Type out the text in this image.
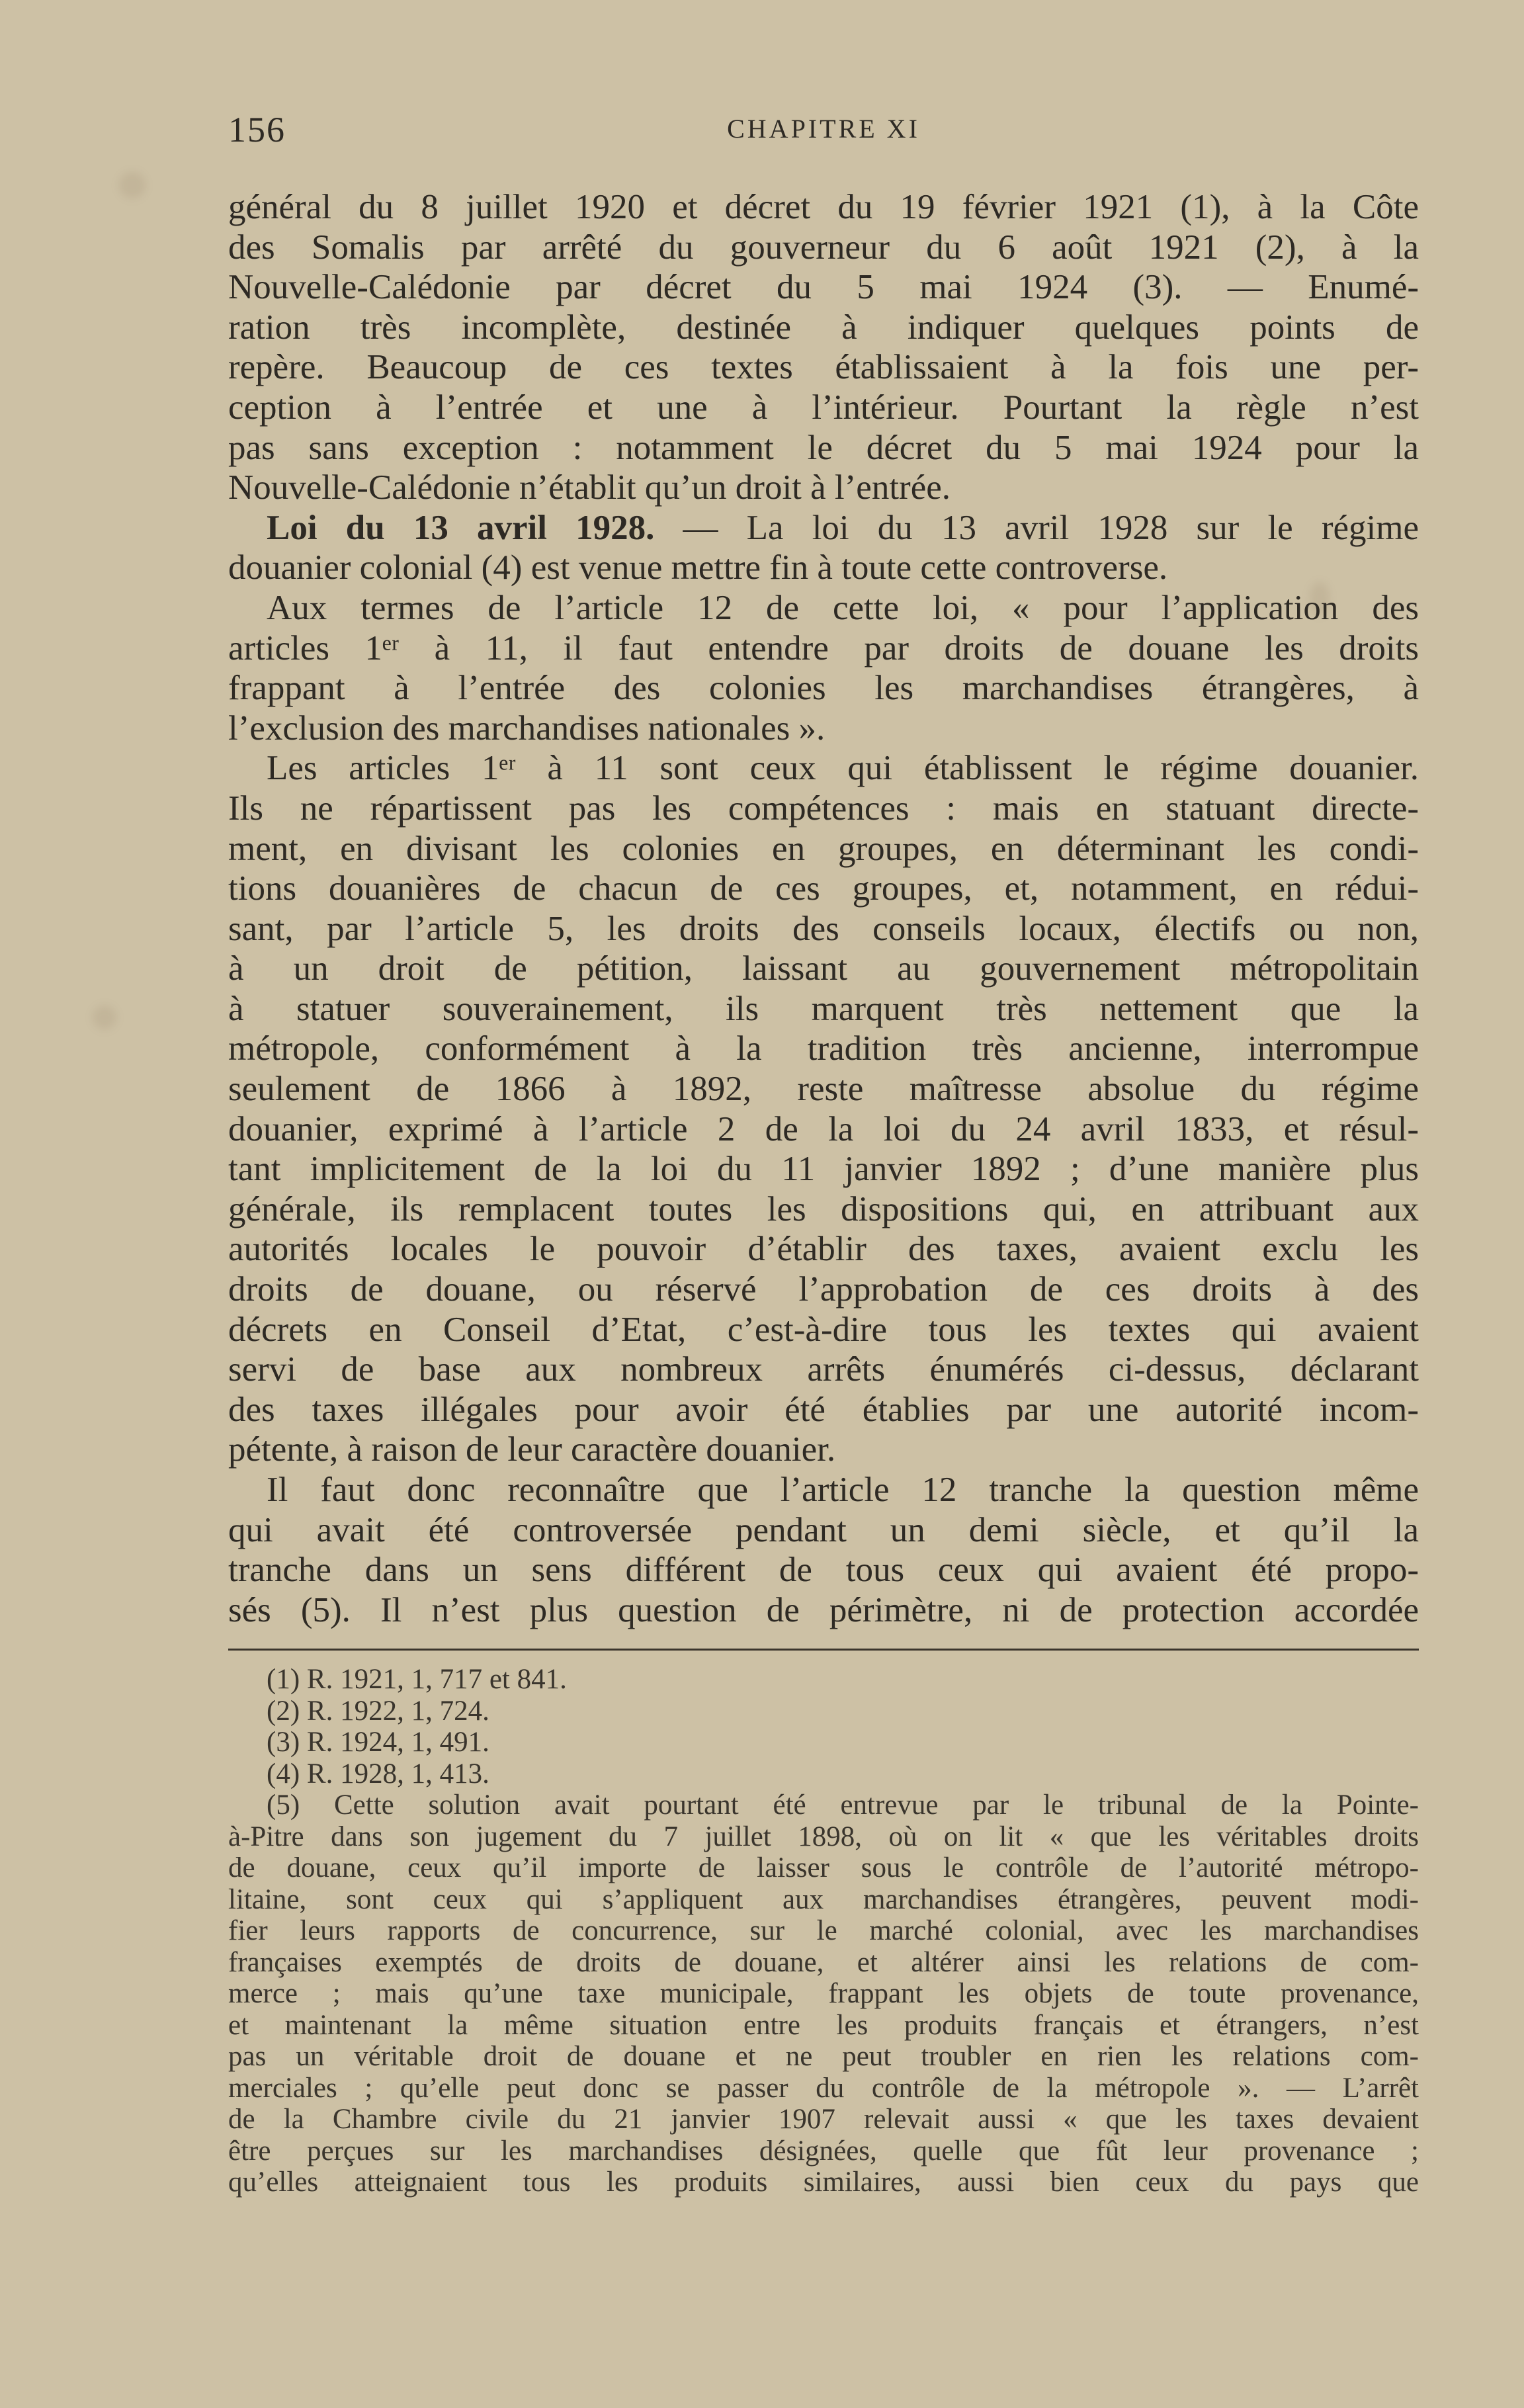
156	CHAPITRE XI
général du 8 juillet 1920 et décret du 19 février 1921 (1), à la Côte
des Somalis par arrêté du gouverneur du 6 août 1921 (2), à la
Nouvelle-Calédonie par décret du 5 mai 1924 (3). — Enumé-
ration très incomplète, destinée à indiquer quelques points de
repère. Beaucoup de ces textes établissaient à la fois une per-
ception à l’entrée et une à l’intérieur. Pourtant la règle n’est
pas sans exception : notamment le décret du 5 mai 1924 pour la
Nouvelle-Calédonie n’établit qu’un droit à l’entrée.
Loi du 13 avril 1928. — La loi du 13 avril 1928 sur le régime
douanier colonial (4) est venue mettre fin à toute cette controverse.
Aux termes de l’article 12 de cette loi, « pour l’application des
articles 1ᵉʳ à 11, il faut entendre par droits de douane les droits
frappant à l’entrée des colonies les marchandises étrangères, à
l’exclusion des marchandises nationales ».
Les articles 1ᵉʳ à 11 sont ceux qui établissent le régime douanier.
Ils ne répartissent pas les compétences : mais en statuant directe-
ment, en divisant les colonies en groupes, en déterminant les condi-
tions douanières de chacun de ces groupes, et, notamment, en rédui-
sant, par l’article 5, les droits des conseils locaux, électifs ou non,
à un droit de pétition, laissant au gouvernement métropolitain
à statuer souverainement, ils marquent très nettement que la
métropole, conformément à la tradition très ancienne, interrompue
seulement de 1866 à 1892, reste maîtresse absolue du régime
douanier, exprimé à l’article 2 de la loi du 24 avril 1833, et résul-
tant implicitement de la loi du 11 janvier 1892 ; d’une manière plus
générale, ils remplacent toutes les dispositions qui, en attribuant aux
autorités locales le pouvoir d’établir des taxes, avaient exclu les
droits de douane, ou réservé l’approbation de ces droits à des
décrets en Conseil d’Etat, c’est-à-dire tous les textes qui avaient
servi de base aux nombreux arrêts énumérés ci-dessus, déclarant
des taxes illégales pour avoir été établies par une autorité incom-
pétente, à raison de leur caractère douanier.
Il faut donc reconnaître que l’article 12 tranche la question même
qui avait été controversée pendant un demi siècle, et qu’il la
tranche dans un sens différent de tous ceux qui avaient été propo-
sés (5). Il n’est plus question de périmètre, ni de protection accordée
(1) R. 1921, 1, 717 et 841.
(2) R. 1922, 1, 724.
(3) R. 1924, 1, 491.
(4) R. 1928, 1, 413.
(5) Cette solution avait pourtant été entrevue par le tribunal de la Pointe-
à-Pitre dans son jugement du 7 juillet 1898, où on lit « que les véritables droits
de douane, ceux qu’il importe de laisser sous le contrôle de l’autorité métropo-
litaine, sont ceux qui s’appliquent aux marchandises étrangères, peuvent modi-
fier leurs rapports de concurrence, sur le marché colonial, avec les marchandises
françaises exemptés de droits de douane, et altérer ainsi les relations de com-
merce ; mais qu’une taxe municipale, frappant les objets de toute provenance,
et maintenant la même situation entre les produits français et étrangers, n’est
pas un véritable droit de douane et ne peut troubler en rien les relations com-
merciales ; qu’elle peut donc se passer du contrôle de la métropole ». — L’arrêt
de la Chambre civile du 21 janvier 1907 relevait aussi « que les taxes devaient
être perçues sur les marchandises désignées, quelle que fût leur provenance ;
qu’elles atteignaient tous les produits similaires, aussi bien ceux du pays que
